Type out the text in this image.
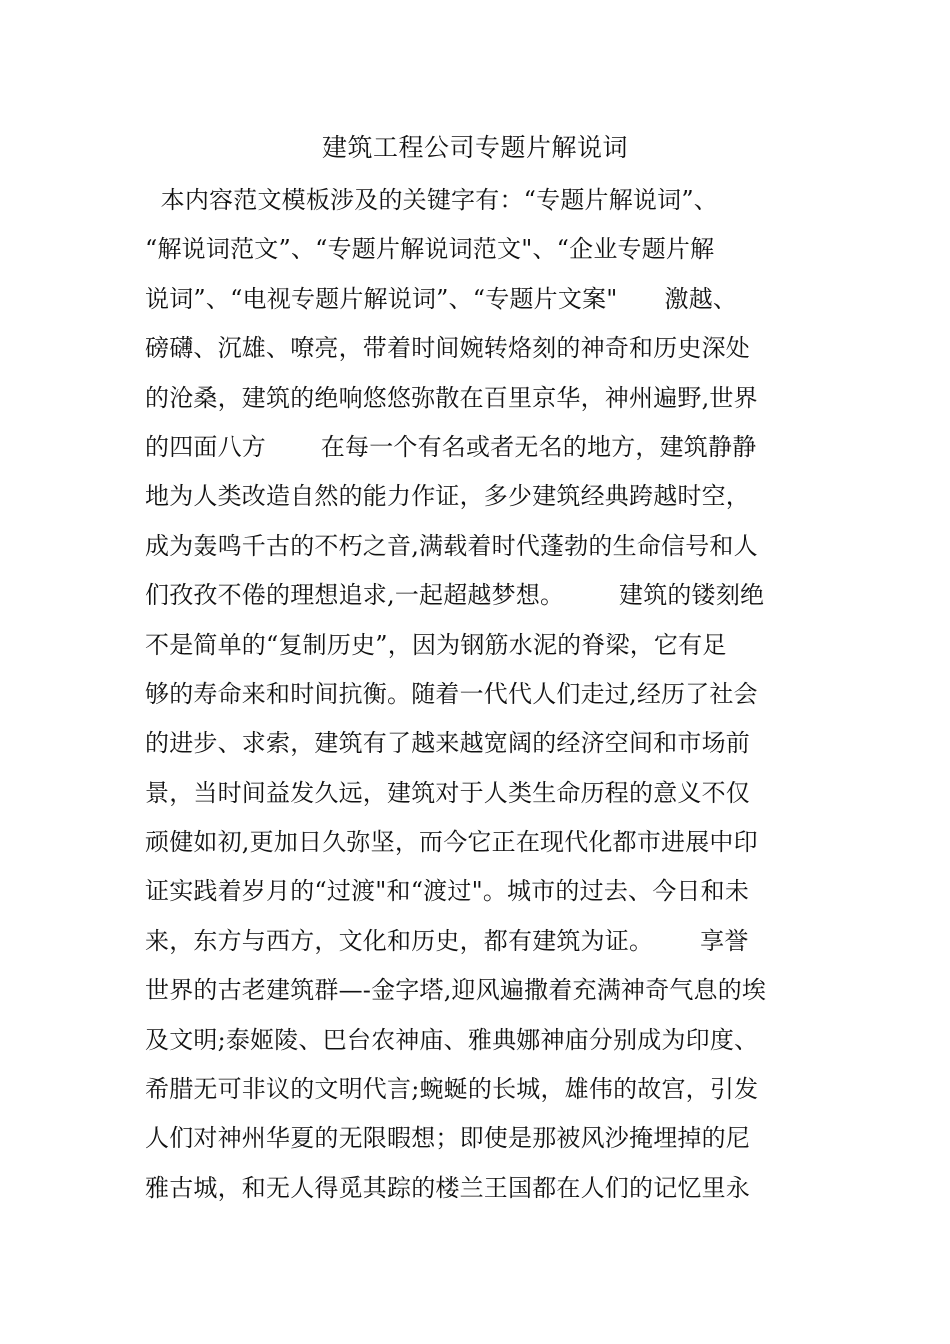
建筑工程公司专题片解说词
本内容范文模板涉及的关键字有：“专题片解说词”、
“解说词范文”、“专题片解说词范文"、“企业专题片解
说词”、“电视专题片解说词”、“专题片文案"      激越、
磅礴、沉雄、嘹亮，带着时间婉转烙刻的神奇和历史深处
的沧桑，建筑的绝响悠悠弥散在百里京华，神州遍野,世界
的四面八方       在每一个有名或者无名的地方，建筑静静
地为人类改造自然的能力作证，多少建筑经典跨越时空，
成为轰鸣千古的不朽之音,满载着时代蓬勃的生命信号和人
们孜孜不倦的理想追求,一起超越梦想。       建筑的镂刻绝
不是简单的“复制历史”，因为钢筋水泥的脊梁，它有足
够的寿命来和时间抗衡。随着一代代人们走过,经历了社会
的进步、求索，建筑有了越来越宽阔的经济空间和市场前
景，当时间益发久远，建筑对于人类生命历程的意义不仅
顽健如初,更加日久弥坚，而今它正在现代化都市进展中印
证实践着岁月的“过渡"和“渡过"。城市的过去、今日和未
来，东方与西方，文化和历史，都有建筑为证。      享誉
世界的古老建筑群—-金字塔,迎风遍撒着充满神奇气息的埃
及文明;泰姬陵、巴台农神庙、雅典娜神庙分别成为印度、
希腊无可非议的文明代言;蜿蜒的长城，雄伟的故宫，引发
人们对神州华夏的无限暇想；即使是那被风沙掩埋掉的尼
雅古城，和无人得觅其踪的楼兰王国都在人们的记忆里永
